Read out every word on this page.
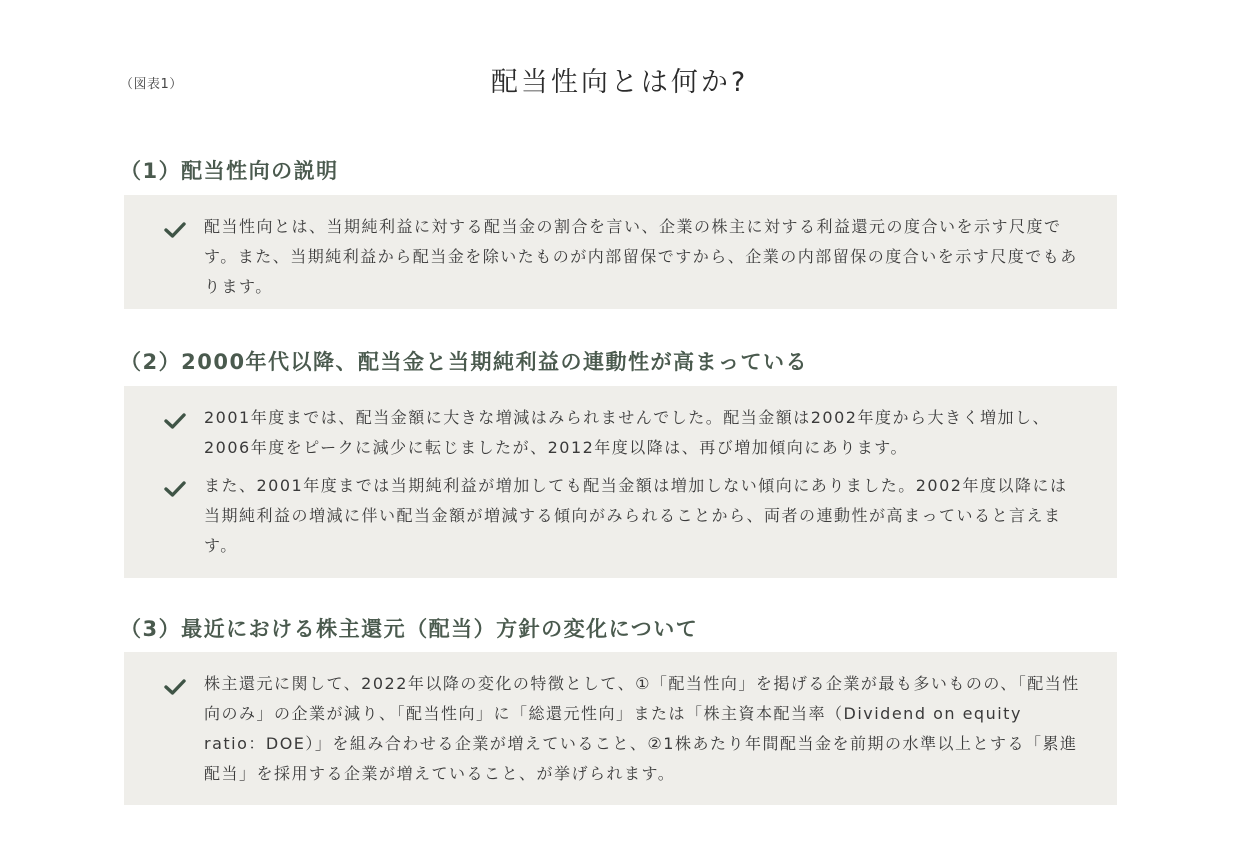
（図表1）	配当性向とは何か?
（1）配当性向の説明
配当性向とは、当期純利益に対する配当金の割合を言い、企業の株主に対する利益還元の度合いを示す尺度です。また、当期純利益から配当金を除いたものが内部留保ですから、企業の内部留保の度合いを示す尺度でもあります。
（2）2000年代以降、配当金と当期純利益の連動性が高まっている
2001年度までは、配当金額に大きな増減はみられませんでした。配当金額は2002年度から大きく増加し、2006年度をピークに減少に転じましたが、2012年度以降は、再び増加傾向にあります。
また、2001年度までは当期純利益が増加しても配当金額は増加しない傾向にありました。2002年度以降には当期純利益の増減に伴い配当金額が増減する傾向がみられることから、両者の連動性が高まっていると言えます。
（3）最近における株主還元（配当）方針の変化について
株主還元に関して、2022年以降の変化の特徴として、①「配当性向」を掲げる企業が最も多いものの、「配当性向のみ」の企業が減り、「配当性向」に「総還元性向」または「株主資本配当率（Dividend on equity ratio：DOE）」を組み合わせる企業が増えていること、②1株あたり年間配当金を前期の水準以上とする「累進配当」を採用する企業が増えていること、が挙げられます。
